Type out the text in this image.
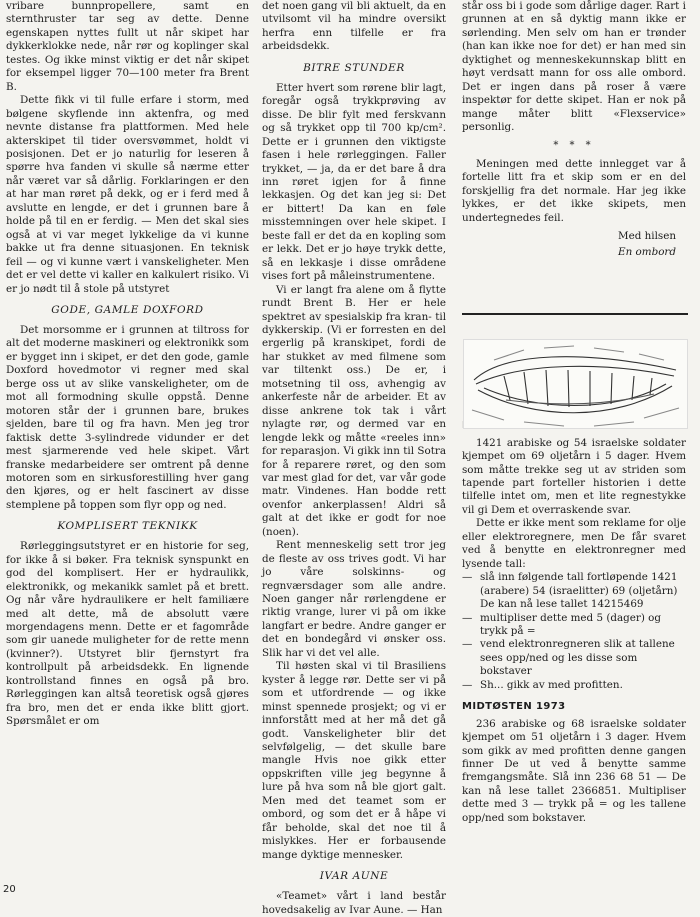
vribare bunnpropellere, samt en sternthruster tar seg av dette. Denne egenskapen nyttes fullt ut når skipet har dykkerklokke nede, når rør og koplinger skal testes. Og ikke minst viktig er det når skipet for eksempel ligger 70—100 meter fra Brent B.

Dette fikk vi til fulle erfare i storm, med bølgene skyflende inn aktenfra, og med nevnte distanse fra plattformen. Med hele akterskipet til tider oversvømmet, holdt vi posisjonen. Det er jo naturlig for leseren å spørre hva fanden vi skulle så nærme etter når været var så dårlig. Forklaringen er den at har man røret på dekk, og er i ferd med å avslutte en lengde, er det i grunnen bare å holde på til en er ferdig. — Men det skal sies også at vi var meget lykkelige da vi kunne bakke ut fra denne situasjonen. En teknisk feil — og vi kunne vært i vanskeligheter. Men det er vel dette vi kaller en kalkulert risiko. Vi er jo nødt til å stole på utstyret

GODE, GAMLE DOXFORD

Det morsomme er i grunnen at tiltross for alt det moderne maskineri og elektronikk som er bygget inn i skipet, er det den gode, gamle Doxford hovedmotor vi regner med skal berge oss ut av slike vanskeligheter, om de mot all formodning skulle oppstå. Denne motoren står der i grunnen bare, brukes sjelden, bare til og fra havn. Men jeg tror faktisk dette 3-sylindrede vidunder er det mest sjarmerende ved hele skipet. Vårt franske medarbeidere ser omtrent på denne motoren som en sirkusforestilling hver gang den kjøres, og er helt fascinert av disse stemplene på toppen som flyr opp og ned.

KOMPLISERT TEKNIKK

Rørleggingsutstyret er en historie for seg, for ikke å si bøker. Fra teknisk synspunkt en god del komplisert. Her er hydraulikk, elektronikk, og mekanikk samlet på et brett. Og når våre hydraulikere er helt familiære med alt dette, må de absolutt være morgendagens menn. Dette er et fagområde som gir uanede muligheter for de rette menn (kvinner?). Utstyret blir fjernstyrt fra kontrollpult på arbeidsdekk. En lignende kontrollstand finnes en også på bro. Rørleggingen kan altså teoretisk også gjøres fra bro, men det er enda ikke blitt gjort. Spørsmålet er om

det noen gang vil bli aktuelt, da en utvilsomt vil ha mindre oversikt herfra enn tilfelle er fra arbeidsdekk.

BITRE STUNDER

Etter hvert som rørene blir lagt, foregår også trykkprøving av disse. De blir fylt med ferskvann og så trykket opp til 700 kp/cm². Dette er i grunnen den viktigste fasen i hele rørleggingen. Faller trykket, — ja, da er det bare å dra inn røret igjen for å finne lekkasjen. Og det kan jeg si: Det er bittert! Da kan en føle misstemningen over hele skipet. I beste fall er det da en kopling som er lekk. Det er jo høye trykk dette, så en lekkasje i disse områdene vises fort på måleinstrumentene.

Vi er langt fra alene om å flytte rundt Brent B. Her er hele spektret av spesialskip fra kran- til dykkerskip. (Vi er forresten en del ergerlig på kranskipet, fordi de har stukket av med filmene som var tiltenkt oss.) De er, i motsetning til oss, avhengig av ankerfeste når de arbeider. Et av disse ankrene tok tak i vårt nylagte rør, og dermed var en lengde lekk og måtte «reeles inn» for reparasjon. Vi gikk inn til Sotra for å reparere røret, og den som var mest glad for det, var vår gode matr. Vindenes. Han bodde rett ovenfor ankerplassen! Aldri så galt at det ikke er godt for noe (noen).

Rent menneskelig sett tror jeg de fleste av oss trives godt. Vi har jo våre solskinns- og regnværsdager som alle andre. Noen ganger når rørlengdene er riktig vrange, lurer vi på om ikke langfart er bedre. Andre ganger er det en bondegård vi ønsker oss. Slik har vi det vel alle.

Til høsten skal vi til Brasiliens kyster å legge rør. Dette ser vi på som et utfordrende — og ikke minst spennede prosjekt; og vi er innforstått med at her må det gå godt. Vanskeligheter blir det selvfølgelig, — det skulle bare mangle Hvis noe gikk etter oppskriften ville jeg begynne å lure på hva som nå ble gjort galt. Men med det teamet som er ombord, og som det er å håpe vi får beholde, skal det noe til å mislykkes. Her er forbausende mange dyktige mennesker.

IVAR AUNE

«Teamet» vårt i land består hovedsakelig av Ivar Aune. — Han

står oss bi i gode som dårlige dager. Rart i grunnen at en så dyktig mann ikke er sørlending. Men selv om han er trønder (han kan ikke noe for det) er han med sin dyktighet og menneskekunnskap blitt en høyt verdsatt mann for oss alle ombord. Det er ingen dans på roser å være inspektør for dette skipet. Han er nok på mange måter blitt «Flexservice» personlig.

* * *

Meningen med dette innlegget var å fortelle litt fra et skip som er en del forskjellig fra det normale. Har jeg ikke lykkes, er det ikke skipets, men undertegnedes feil.

Med hilsen
En ombord

1421 arabiske og 54 israelske soldater kjempet om 69 oljetårn i 5 dager. Hvem som måtte trekke seg ut av striden som tapende part forteller historien i dette tilfelle intet om, men et lite regnestykke vil gi Dem et overraskende svar.

Dette er ikke ment som reklame for olje eller elektroregnere, men De får svaret ved å benytte en elektronregner med lysende tall:

— slå inn følgende tall fortløpende 1421 (arabere) 54 (israelitter) 69 (oljetårn)
De kan nå lese tallet 14215469
— multipliser dette med 5 (dager) og trykk på =
— vend elektronregneren slik at tallene sees opp/ned og les disse som bokstaver
— Sh... gikk av med profitten.
MIDTØSTEN 1973

236 arabiske og 68 israelske soldater kjempet om 51 oljetårn i 3 dager. Hvem som gikk av med profitten denne gangen finner De ut ved å benytte samme fremgangsmåte. Slå inn 236 68 51 — De kan nå lese tallet 2366851. Multipliser dette med 3 — trykk på = og les tallene opp/ned som bokstaver.

20
